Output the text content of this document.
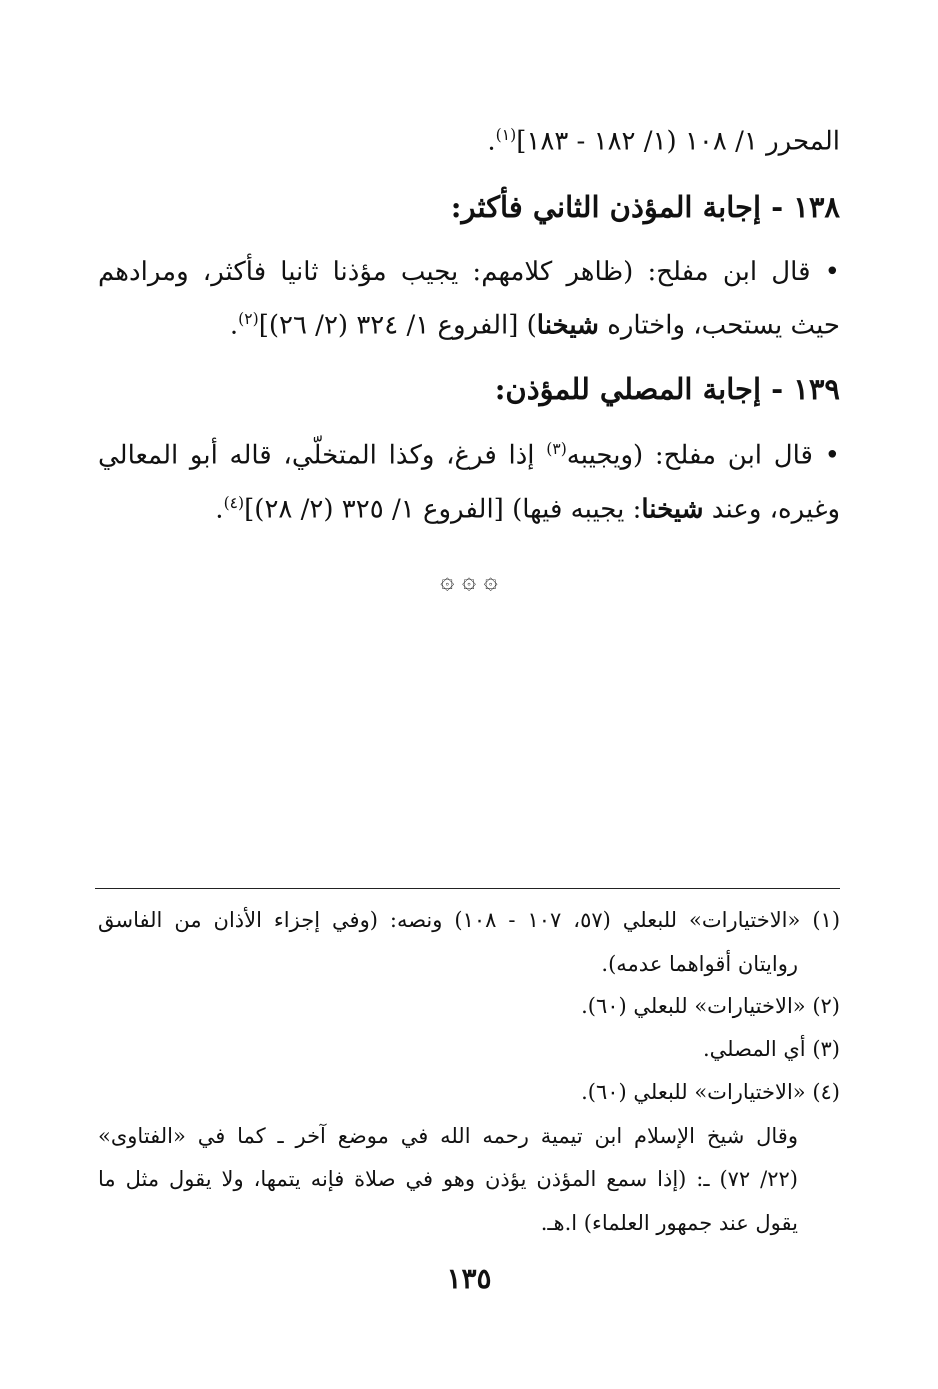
المحرر ١/ ١٠٨ (١/ ١٨٢ - ١٨٣]$^{(١)}$.
١٣٨ - إجابة المؤذن الثاني فأكثر:
• قال ابن مفلح: (ظاهر كلامهم: يجيب مؤذنا ثانيا فأكثر، ومرادهم
حيث يستحب، واختاره شيخنا) [الفروع ١/ ٣٢٤ (٢/ ٢٦)]$^{(٢)}$.
١٣٩ - إجابة المصلي للمؤذن:
• قال ابن مفلح: (ويجيبه$^{(٣)}$ إذا فرغ، وكذا المتخلّي، قاله أبو المعالي
وغيره، وعند شيخنا: يجيبه فيها) [الفروع ١/ ٣٢٥ (٢/ ٢٨)]$^{(٤)}$.
۞ ۞ ۞
(١) «الاختيارات» للبعلي (٥٧، ١٠٧ - ١٠٨) ونصه: (وفي إجزاء الأذان من الفاسق
روايتان أقواهما عدمه).
(٢) «الاختيارات» للبعلي (٦٠).
(٣) أي المصلي.
(٤) «الاختيارات» للبعلي (٦٠).
وقال شيخ الإسلام ابن تيمية رحمه الله في موضع آخر ـ كما في «الفتاوى»
(٢٢/ ٧٢) ـ: (إذا سمع المؤذن يؤذن وهو في صلاة فإنه يتمها، ولا يقول مثل ما
يقول عند جمهور العلماء) ا.هـ.
١٣٥
